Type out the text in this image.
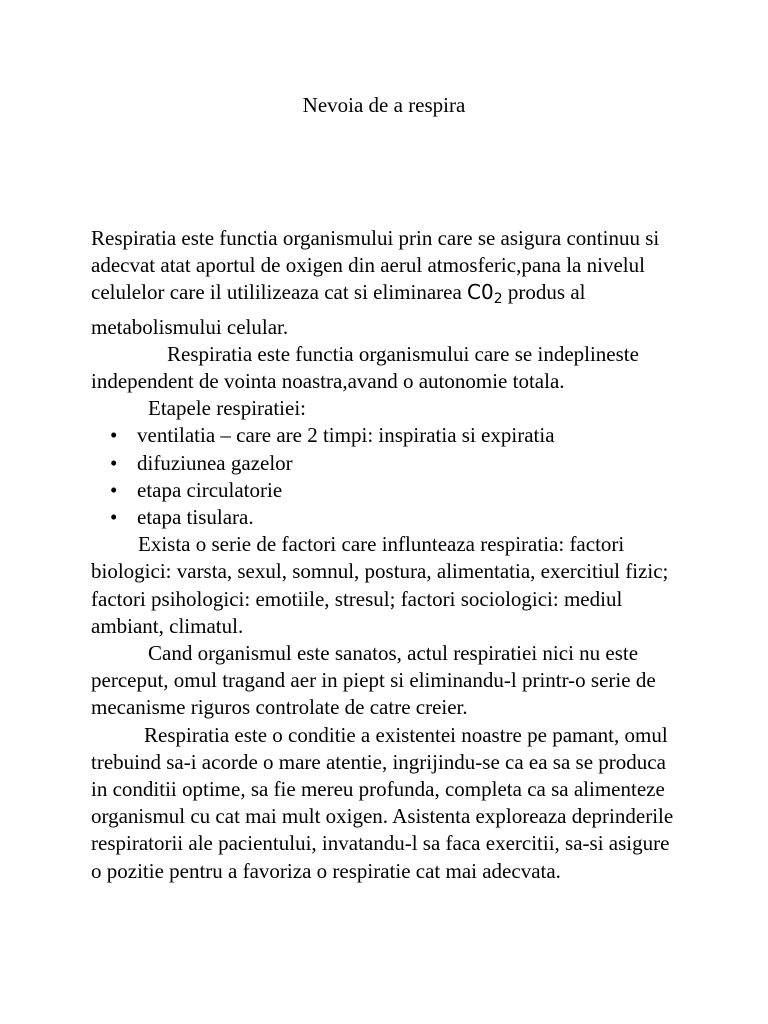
Nevoia de a respira

Respiratia este functia organismului prin care se asigura continuu si adecvat atat aportul de oxigen din aerul atmosferic,pana la nivelul celulelor care il utililizeaza cat si eliminarea $C0_2$ produs al metabolismului celular.

Respiratia este functia organismului care se indeplineste independent de vointa noastra,avand o autonomie totala.

Etapele respiratiei:

• ventilatia – care are 2 timpi: inspiratia si expiratia
• difuziunea gazelor
• etapa circulatorie
• etapa tisulara.

Exista o serie de factori care influnteaza respiratia: factori biologici: varsta, sexul, somnul, postura, alimentatia, exercitiul fizic; factori psihologici: emotiile, stresul; factori sociologici: mediul ambiant, climatul.

Cand organismul este sanatos, actul respiratiei nici nu este perceput, omul tragand aer in piept si eliminandu-l printr-o serie de mecanisme riguros controlate de catre creier.

Respiratia este o conditie a existentei noastre pe pamant, omul trebuind sa-i acorde o mare atentie, ingrijindu-se ca ea sa se produca in conditii optime, sa fie mereu profunda, completa ca sa alimenteze organismul cu cat mai mult oxigen. Asistenta exploreaza deprinderile respiratorii ale pacientului, invatandu-l sa faca exercitii, sa-si asigure o pozitie pentru a favoriza o respiratie cat mai adecvata.
